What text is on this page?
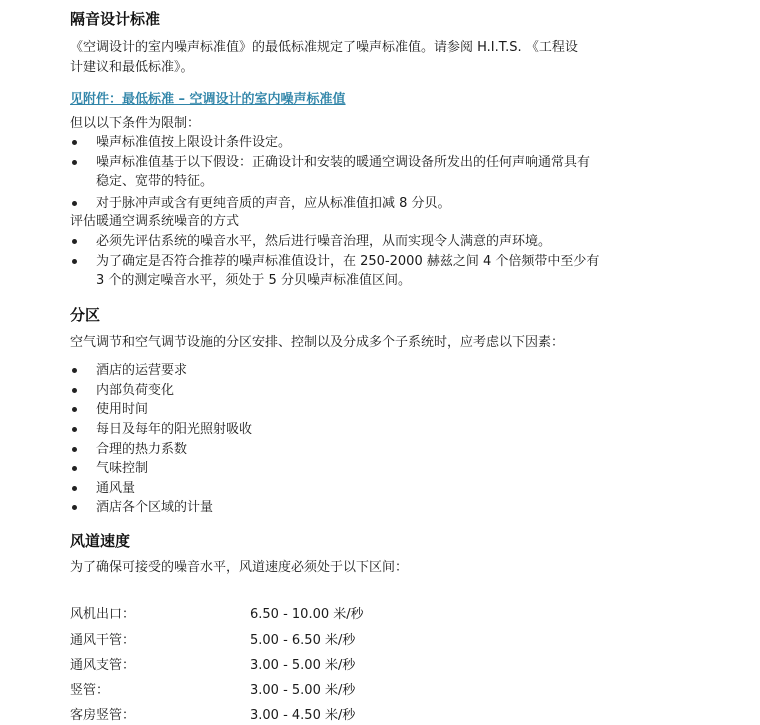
隔音设计标准
《空调设计的室内噪声标准值》的最低标准规定了噪声标准值。请参阅 H.I.T.S. 《工程设
计建议和最低标准》。
见附件：最低标准 – 空调设计的室内噪声标准值
但以以下条件为限制：
噪声标准值按上限设计条件设定。
噪声标准值基于以下假设：正确设计和安装的暖通空调设备所发出的任何声响通常具有
稳定、宽带的特征。
对于脉冲声或含有更纯音质的声音，应从标准值扣减 8 分贝。
评估暖通空调系统噪音的方式
必须先评估系统的噪音水平，然后进行噪音治理，从而实现令人满意的声环境。
为了确定是否符合推荐的噪声标准值设计，在 250-2000 赫兹之间 4 个倍频带中至少有
3 个的测定噪音水平，须处于 5 分贝噪声标准值区间。
分区
空气调节和空气调节设施的分区安排、控制以及分成多个子系统时，应考虑以下因素：
酒店的运营要求
内部负荷变化
使用时间
每日及每年的阳光照射吸收
合理的热力系数
气味控制
通风量
酒店各个区域的计量
风道速度
为了确保可接受的噪音水平，风道速度必须处于以下区间：
风机出口：	6.50 - 10.00 米/秒
通风干管：	5.00 - 6.50 米/秒
通风支管：	3.00 - 5.00 米/秒
竖管：	3.00 - 5.00 米/秒
客房竖管：	3.00 - 4.50 米/秒
